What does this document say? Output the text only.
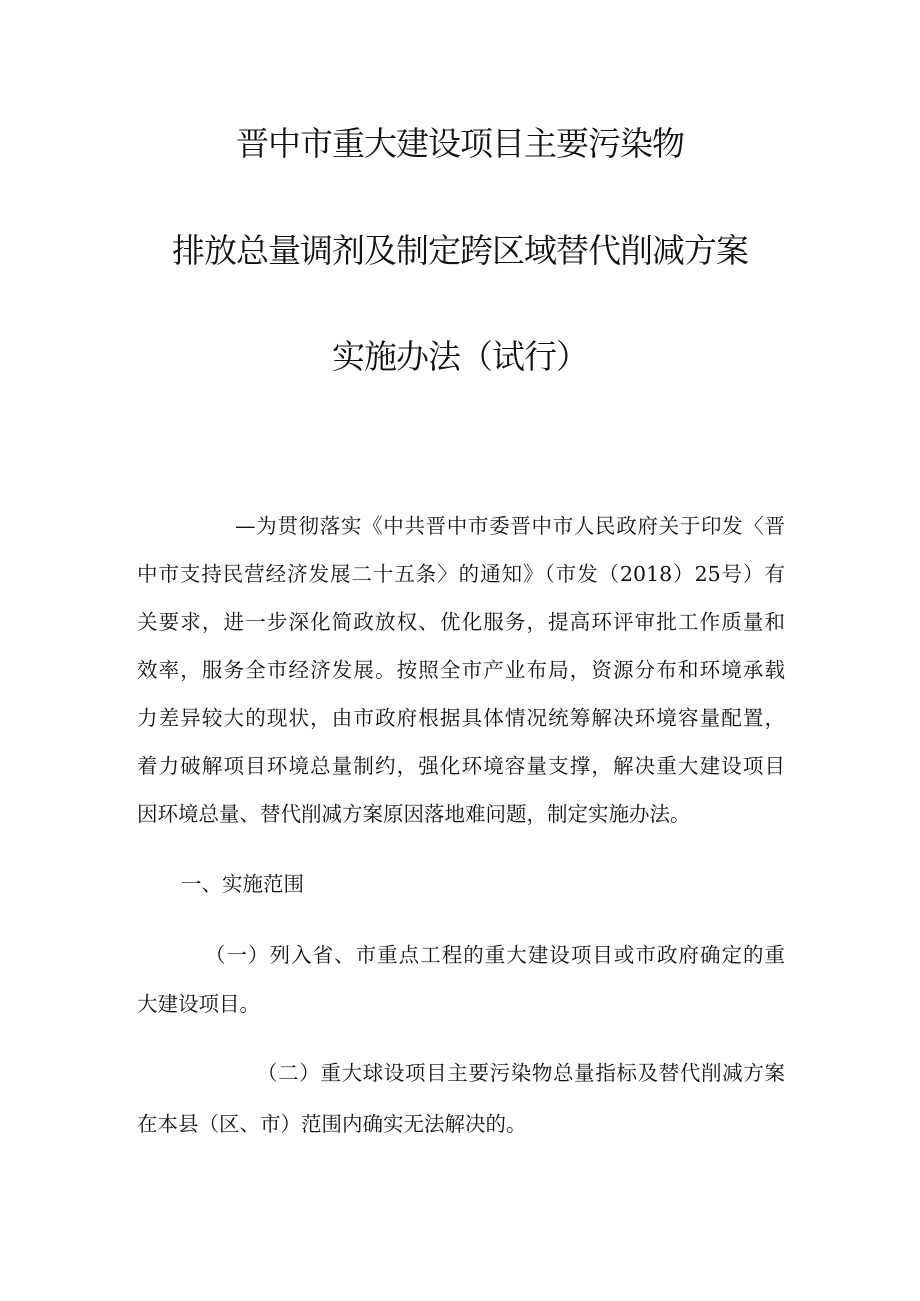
晋中市重大建设项目主要污染物
排放总量调剂及制定跨区域替代削减方案
实施办法（试行）
—为贯彻落实《中共晋中市委晋中市人民政府关于印发〈晋
中市支持民营经济发展二十五条〉的通知》（市发（2018）25号）有
关要求，进一步深化简政放权、优化服务，提高环评审批工作质量和
效率，服务全市经济发展。按照全市产业布局，资源分布和环境承载
力差异较大的现状，由市政府根据具体情况统筹解决环境容量配置，
着力破解项目环境总量制约，强化环境容量支撑，解决重大建设项目
因环境总量、替代削减方案原因落地难问题，制定实施办法。
一、实施范围
（一）列入省、市重点工程的重大建设项目或市政府确定的重
大建设项目。
（二）重大球设项目主要污染物总量指标及替代削减方案
在本县（区、市）范围内确实无法解决的。
